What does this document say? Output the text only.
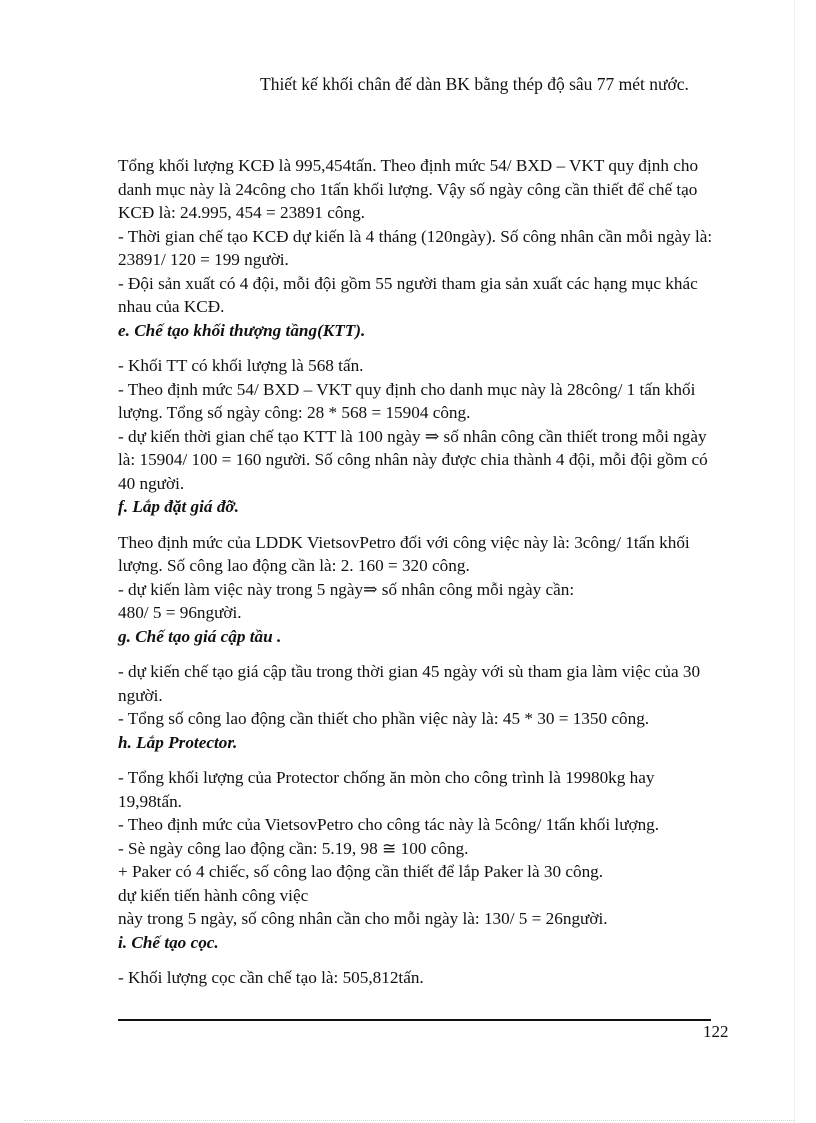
Thiết kế khối chân đế dàn BK bằng thép độ sâu 77 mét nước.

Tổng khối lượng KCĐ là 995,454tấn. Theo định mức 54/ BXD – VKT quy định cho danh mục này là 24công cho 1tấn khối lượng. Vậy số ngày công cần thiết để chế tạo KCĐ là: 24.995, 454 = 23891 công.

- Thời gian chế tạo KCĐ dự kiến là 4 tháng (120ngày). Số công nhân cần mỗi ngày là: 23891/ 120 = 199 người.

- Đội sản xuất có 4 đội, mỗi đội gồm 55 người tham gia sản xuất các hạng mục khác nhau của KCĐ.

e. Chế tạo khối thượng tầng(KTT).

- Khối TT có khối lượng là 568 tấn.

- Theo định mức 54/ BXD – VKT quy định cho danh mục này là 28công/ 1 tấn khối lượng. Tổng số ngày công: 28 * 568 = 15904 công.

- dự kiến thời gian chế tạo KTT là 100 ngày ⇒ số nhân công cần thiết trong mỗi ngày là: 15904/ 100 = 160 người. Số công nhân này được chia thành 4 đội, mỗi đội gồm có 40 người.

f. Lắp đặt giá đỡ.

Theo định mức của LDDK VietsovPetro đối với công việc này là: 3công/ 1tấn khối lượng. Số công lao động cần là: 2. 160 = 320 công.

- dự kiến làm việc này trong 5 ngày⇒ số nhân công mỗi ngày cần:

480/ 5 = 96người.

g. Chế tạo giá cập tầu .

- dự kiến chế tạo giá cập tầu trong thời gian 45 ngày với sù tham gia làm việc của 30 người.

- Tổng số công lao động cần thiết cho phần việc này là: 45 * 30 = 1350 công.

h. Lắp Protector.

- Tổng khối lượng của Protector chống ăn mòn cho công trình là 19980kg hay 19,98tấn.

- Theo định mức của VietsovPetro cho công tác này là 5công/ 1tấn khối lượng.

- Sè ngày công lao động cần: 5.19, 98 ≅ 100 công.

+ Paker có 4 chiếc, số công lao động cần thiết để lắp Paker là 30 công.

dự kiến tiến hành công việc

này trong 5 ngày, số công nhân cần cho mỗi ngày là: 130/ 5 = 26người.

i. Chế tạo cọc.

- Khối lượng cọc cần chế tạo là: 505,812tấn.

122
